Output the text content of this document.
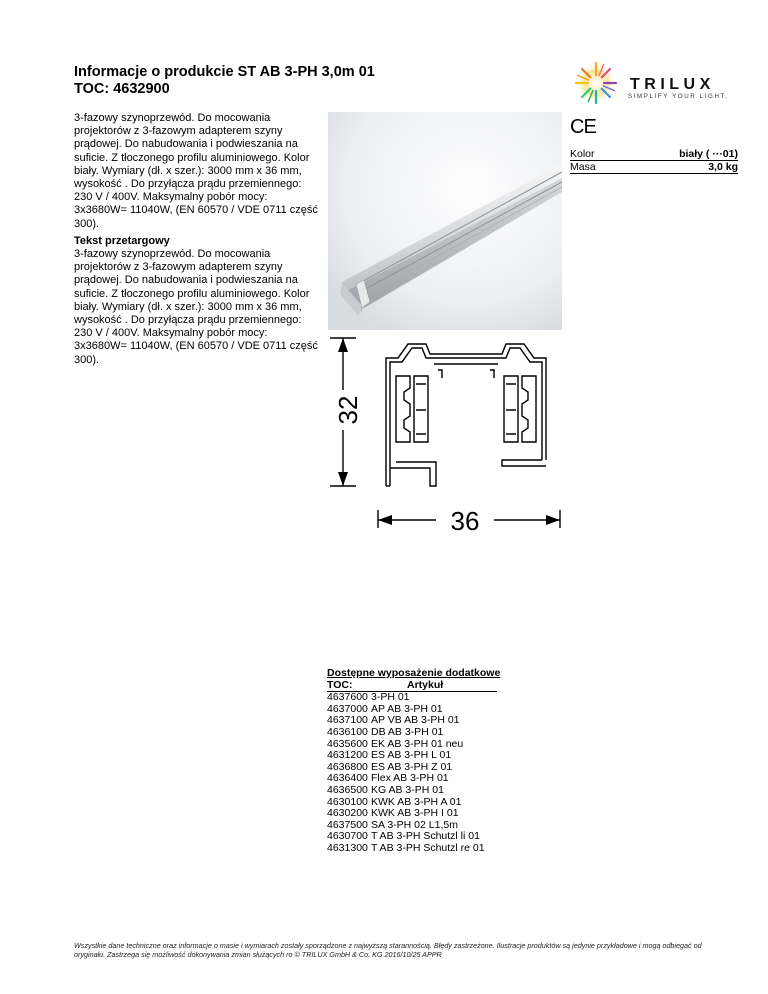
Informacje o produkcie ST AB 3-PH 3,0m 01
TOC: 4632900	TRILUX
SIMPLIFY YOUR LIGHT.
3-fazowy szynoprzewód. Do mocowania projektorów z 3-fazowym adapterem szyny prądowej. Do nabudowania i podwieszania na suficie. Z tłoczonego profilu aluminiowego. Kolor biały. Wymiary (dł. x szer.): 3000 mm x 36 mm, wysokość . Do przyłącza prądu przemiennego: 230 V / 400V. Maksymalny pobór mocy: 3x3680W= 11040W, (EN 60570 / VDE 0711 część 300).
Tekst przetargowy
3-fazowy szynoprzewód. Do mocowania projektorów z 3-fazowym adapterem szyny prądowej. Do nabudowania i podwieszania na suficie. Z tłoczonego profilu aluminiowego. Kolor biały. Wymiary (dł. x szer.): 3000 mm x 36 mm, wysokość . Do przyłącza prądu przemiennego: 230 V / 400V. Maksymalny pobór mocy: 3x3680W= 11040W, (EN 60570 / VDE 0711 część 300).
CE
Kolor	biały ( ···01)
Masa	3,0 kg
32
36
Dostępne wyposażenie dodatkowe
TOC:	Artykuł
4637600 3-PH 01
4637000 AP AB 3-PH 01
4637100 AP VB AB 3-PH 01
4636100 DB AB 3-PH 01
4635600 EK AB 3-PH 01 neu
4631200 ES AB 3-PH L 01
4636800 ES AB 3-PH Z 01
4636400 Flex AB 3-PH 01
4636500 KG AB 3-PH 01
4630100 KWK AB 3-PH A 01
4630200 KWK AB 3-PH I 01
4637500 SA 3-PH 02 L1,5m
4630700 T AB 3-PH Schutzl li 01
4631300 T AB 3-PH Schutzl re 01
Wszystkie dane techniczne oraz informacje o masie i wymiarach zostały sporządzone z najwyższą starannością. Błędy zastrzeżone. Ilustracje produktów są jedynie przykładowe i mogą odbiegać od oryginału. Zastrzega się możliwość dokonywania zmian służących ro © TRILUX GmbH & Co. KG 2016/10/25 APPR
